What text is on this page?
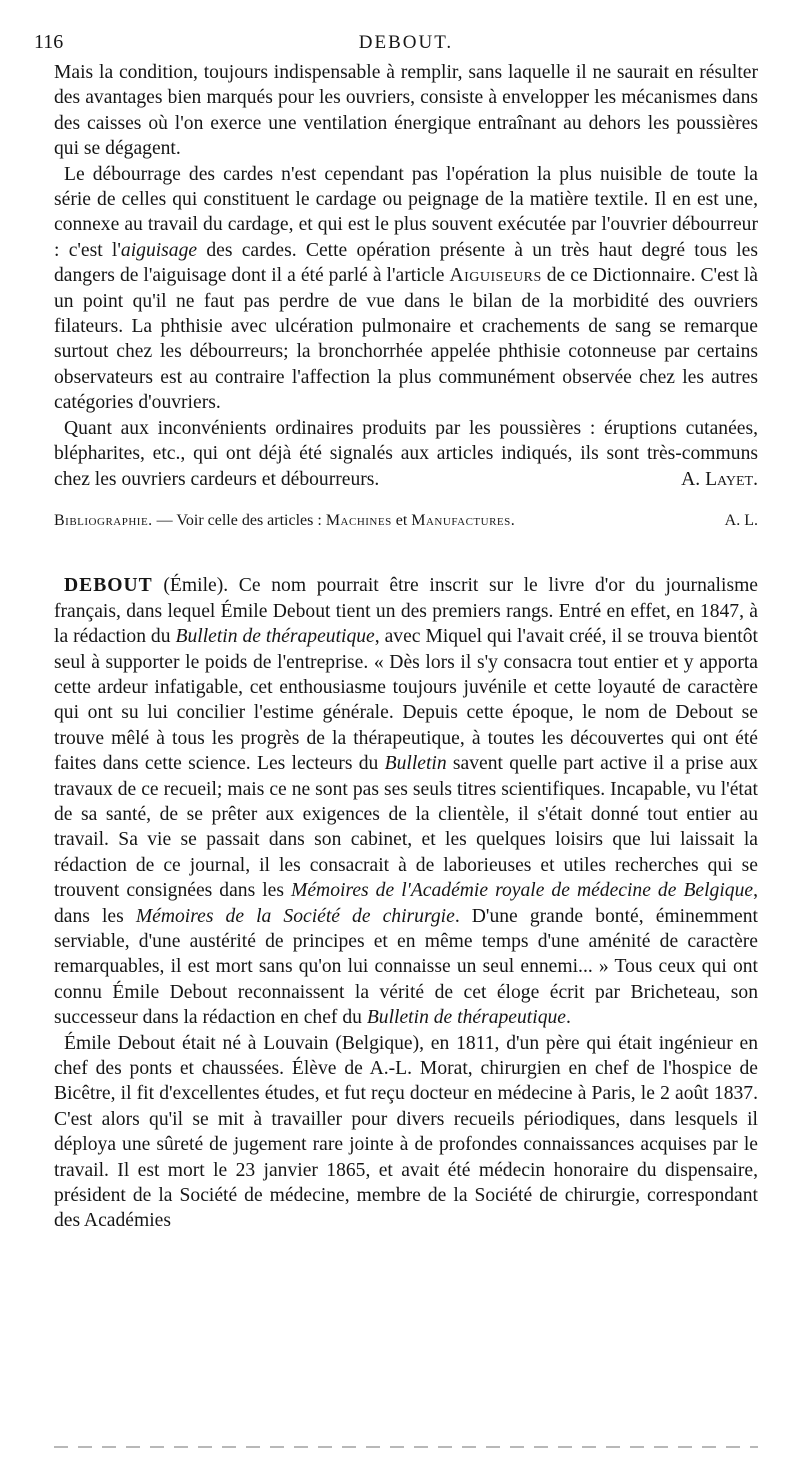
116	DEBOUT.

Mais la condition, toujours indispensable à remplir, sans laquelle il ne saurait en résulter des avantages bien marqués pour les ouvriers, consiste à envelopper les mécanismes dans des caisses où l'on exerce une ventilation énergique entraînant au dehors les poussières qui se dégagent.

Le débourrage des cardes n'est cependant pas l'opération la plus nuisible de toute la série de celles qui constituent le cardage ou peignage de la matière textile. Il en est une, connexe au travail du cardage, et qui est le plus souvent exécutée par l'ouvrier débourreur : c'est l'aiguisage des cardes. Cette opération présente à un très haut degré tous les dangers de l'aiguisage dont il a été parlé à l'article Aiguiseurs de ce Dictionnaire. C'est là un point qu'il ne faut pas perdre de vue dans le bilan de la morbidité des ouvriers filateurs. La phthisie avec ulcération pulmonaire et crachements de sang se remarque surtout chez les débourreurs; la bronchorrhée appelée phthisie cotonneuse par certains observateurs est au contraire l'affection la plus communément observée chez les autres catégories d'ouvriers.

Quant aux inconvénients ordinaires produits par les poussières : éruptions cutanées, blépharites, etc., qui ont déjà été signalés aux articles indiqués, ils sont très-communs chez les ouvriers cardeurs et débourreurs.	A. Layet.

Bibliographie. — Voir celle des articles : Machines et Manufactures.	A. L.

DEBOUT (Émile). Ce nom pourrait être inscrit sur le livre d'or du journalisme français, dans lequel Émile Debout tient un des premiers rangs. Entré en effet, en 1847, à la rédaction du Bulletin de thérapeutique, avec Miquel qui l'avait créé, il se trouva bientôt seul à supporter le poids de l'entreprise. « Dès lors il s'y consacra tout entier et y apporta cette ardeur infatigable, cet enthousiasme toujours juvénile et cette loyauté de caractère qui ont su lui concilier l'estime générale. Depuis cette époque, le nom de Debout se trouve mêlé à tous les progrès de la thérapeutique, à toutes les découvertes qui ont été faites dans cette science. Les lecteurs du Bulletin savent quelle part active il a prise aux travaux de ce recueil; mais ce ne sont pas ses seuls titres scientifiques. Incapable, vu l'état de sa santé, de se prêter aux exigences de la clientèle, il s'était donné tout entier au travail. Sa vie se passait dans son cabinet, et les quelques loisirs que lui laissait la rédaction de ce journal, il les consacrait à de laborieuses et utiles recherches qui se trouvent consignées dans les Mémoires de l'Académie royale de médecine de Belgique, dans les Mémoires de la Société de chirurgie. D'une grande bonté, éminemment serviable, d'une austérité de principes et en même temps d'une aménité de caractère remarquables, il est mort sans qu'on lui connaisse un seul ennemi... » Tous ceux qui ont connu Émile Debout reconnaissent la vérité de cet éloge écrit par Bricheteau, son successeur dans la rédaction en chef du Bulletin de thérapeutique.

Émile Debout était né à Louvain (Belgique), en 1811, d'un père qui était ingénieur en chef des ponts et chaussées. Élève de A.-L. Morat, chirurgien en chef de l'hospice de Bicêtre, il fit d'excellentes études, et fut reçu docteur en médecine à Paris, le 2 août 1837. C'est alors qu'il se mit à travailler pour divers recueils périodiques, dans lesquels il déploya une sûreté de jugement rare jointe à de profondes connaissances acquises par le travail. Il est mort le 23 janvier 1865, et avait été médecin honoraire du dispensaire, président de la Société de médecine, membre de la Société de chirurgie, correspondant des Académies
